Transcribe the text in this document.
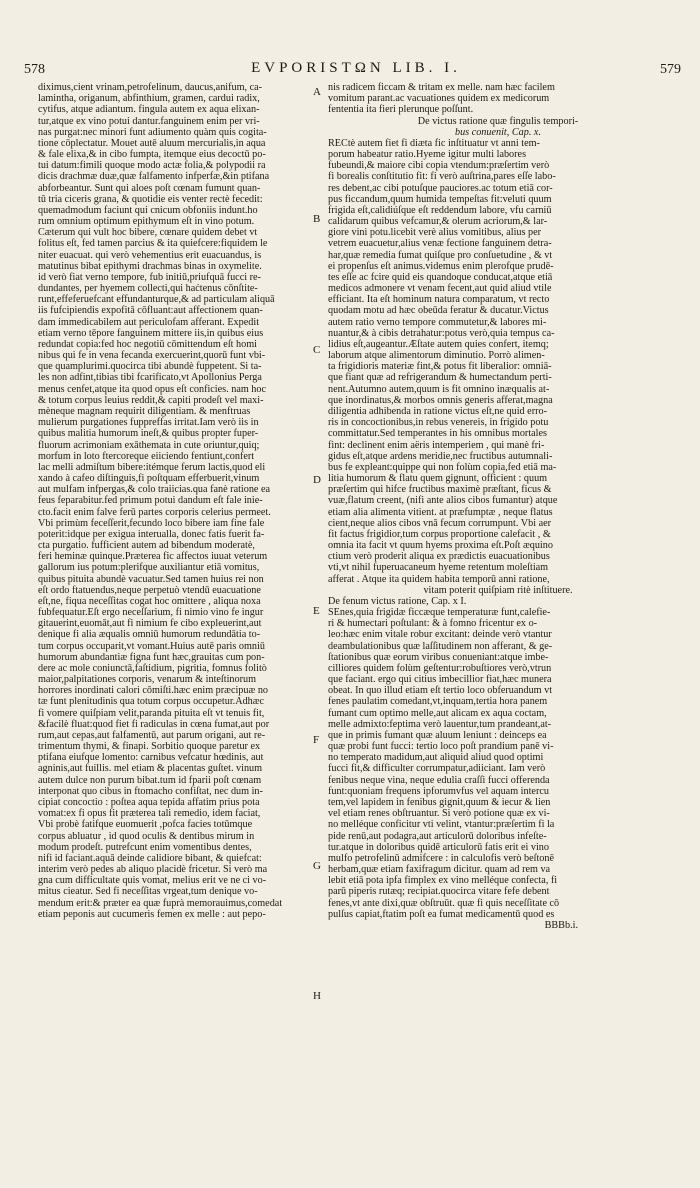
578	EVPORISTΩN LIB. I.	579
diximus,cient vrinam,petrofelinum, daucus,anifum, ca-
lamintha, origanum, abfinthium, gramen, cardui radix,
cytifus, atque adiantum. fingula autem ex aqua elixan-
tur,atque ex vino potui dantur.fanguinem enim per vri-
nas purgat:nec minori funt adiumento quàm quis cogita-
tione cōplectatur. Mouet autē aluum mercurialis,in aqua
& fale elixa,& in cibo fumpta, itemque eius decoctū po-
tui datum:fimili quoque modo actæ folia,& polypodii ra
dicis drachmæ duæ,quæ falfamento infperfæ,&in ptifana
abforbeantur. Sunt qui aloes poſt cœnam fumunt quan-
tū tria ciceris grana, & quotidie eis venter rectè fecedit:
quemadmodum faciunt qui cnicum obfoniis indunt.ho
rum omnium optimum epithymum eſt in vino potum.
Cæterum qui vult hoc bibere, cœnare quidem debet vt
folitus eſt, fed tamen parcius & ita quiefcere:fiquidem le
niter euacuat. qui verò vehementius erit euacuandus, is
matutinus bibat epithymi drachmas binas in oxymelite.
id verò fiat verno tempore, fub initiū,priufquā fucci re-
dundantes, per hyemem collecti,qui haćtenus cōnſtite-
runt,effeferuefcant effundanturque,& ad particulam aliquā
iis fufcipiendis expofitā cōfluant:aut affectionem quan-
dam immedicabilem aut periculofam afferant. Expedit
etiam verno tēpore fanguinem mittere iis,in quibus eius
redundat copia:fed hoc negotiū cōmittendum eſt homi
nibus qui fe in vena fecanda exercuerint,quorū funt vbi-
que quamplurimi.quocirca tibi abundè fuppetent. Si ta-
les non adfint,tibias tibi fcarificato,vt Apollonius Perga
menus cenfet,atque ita quod opus eſt conficies. nam hoc
& totum corpus leuius reddit,& capiti prodeſt vel maxi-
mèneque magnam requirit diligentiam. & menftruas
mulierum purgationes fuppreffas irritat.Iam verò iis in
quibus malitia humorum ineſt,& quibus propter fuper-
fluorum acrimoniam exāthemata in cute oriuntur,quiq;
morfum in loto ftercoreque eiiciendo fentiunt,confert
lac melli admiſtum bibere:itémque ferum lactis,quod eli
xando à cafeo diſtinguis,fi poſtquam efferbuerit,vinum
aut mulfam infpergas,& colo traiicias.qua fanè ratione ea
feus feparabitur.fed primum potui dandum eſt fale inie-
cto.facit enim falve ferū partes corporis celerius permeet.
Vbi primùm feceſſerit,fecundo loco bibere iam fine fale
poterit:idque per exigua interualla, donec fatis fuerit fa-
cta purgatio. fufficient autem ad bibendum moderatè,
feri heminæ quinque.Præterea fic affectos iuuat veterum
gallorum ius potum:plerifque auxiliantur etiā vomitus,
quibus pituita abundè vacuatur.Sed tamen huius rei non
eſt ordo ftatuendus,neque perpetuò vtendū euacuatione
eſt,ne, fiqua neceſſitas cogat hoc omittere , aliqua noxa
fubfequatur.Eſt ergo neceſſarium, fi nimio vino fe ingur
gitauerint,euomāt,aut fi nimium fe cibo expleuerint,aut
denique fi alia æqualis omniū humorum redundātia to-
tum corpus occuparit,vt vomant.Huius autē paris omniū
humorum abundantiæ figna funt hæc,grauitas cum pon-
dere ac mole coniunctā,faſtidium, pigritia, fomnus folitò
maior,palpitationes corporis, venarum & inteſtinorum
horrores inordinati calori cōmiſti.hæc enim præcipuæ no
tæ funt plenitudinis qua totum corpus occupetur.Adhæc
fi vomere quiſpiam velit,paranda pituita eſt vt tenuis fit,
&facilè fluat:quod fiet fi radiculas in cœna fumat,aut por
rum,aut cepas,aut falfamentū, aut parum origani, aut re-
trimentum thymi, & finapi. Sorbitio quoque paretur ex
ptifana eiufque lomento: carnibus vefcatur hœdinis, aut
agninis,aut fuillis. mel etiam & placentas guſtet. vinum
autem dulce non purum bibat.tum id fparii poſt cœnam
interponat quo cibus in ftomacho confiſtat, nec dum in-
cipiat concoctio : poſtea aqua tepida affatim prius pota
vomat:ex fi opus fit præterea tali remedio, idem faciat,
Vbi probè fatifque euomuerit ,pofca facies totūmque
corpus abluatur , id quod oculis & dentibus mirum in
modum prodeſt. putrefcunt enim vomentibus dentes,
nifi id faciant.aquā deinde calidiore bibant, & quiefcat:
interim verò pedes ab aliquo placidè fricetur. Si verò ma
gna cum difficultate quis vomat, melius erit ve ne ci vo-
mitus cieatur. Sed fi neceſſitas vrgeat,tum denique vo-
mendum erit:& præter ea quæ fuprà memorauimus,comedat
etiam peponis aut cucumeris femen ex melle : aut pepo-
nis radicem ficcam & tritam ex melle. nam hæc facilem
vomitum parant.ac vacuationes quidem ex medicorum
fententia ita fieri plerunque poſſunt.
De victus ratione quæ fingulis tempori-
bus conuenit, Cap. x.
RECtè autem fiet fi diæta fic inſtituatur vt anni tem-
porum habeatur ratio.Hyeme igitur multi labores
fubeundi,& maiore cibi copia vtendum:præſertim verò
fi borealis conſtitutio fit: fi verò auſtrina,pares eſſe labo-
res debent,ac cibi potuſque pauciores.ac totum etiā cor-
pus ficcandum,quum humida tempeſtas fit:veluti quum
frigida eſt,calidiúſque eſt reddendum labore, vfu carniū
calidarum quibus vefcamur,& olerum acriorum,& lar-
giore vini potu.licebit verè alius vomitibus, alius per
vetrem euacuetur,alius venæ fectione fanguinem detra-
har,quæ remedia fumat quiſque pro conſuetudine , & vt
ei propenſus eſt animus.videmus enim plerofque prudē-
tes eſſe ac fcire quid eis quandoque conducat,atque etiā
medicos admonere vt venam fecent,aut quid aliud vtile
efficiant. Ita eſt hominum natura comparatum, vt recto
quodam motu ad hæc obeūda feratur & ducatur.Victus
autem ratio verno tempore commutetur,& labores mi-
nuantur,& à cibis detrahatur:potus verò,quia tempus ca-
lidius eſt,augeantur.Æſtate autem quies confert, itemq;
laborum atque alimentorum diminutio. Porrò alimen-
ta frigidioris materiæ fint,& potus fit liberalior: omniā-
que fiant quæ ad refrigerandum & humectandum perti-
nent.Autumno autem,quum is fit omnino inæqualis at-
que inordinatus,& morbos omnis generis afferat,magna
diligentia adhibenda in ratione victus eſt,ne quid erro-
ris in concoctionibus,in rebus venereis, in frigido potu
committatur.Sed temperantes in his omnibus mortales
fint: declinent enim aëris intemperiem , qui manè fri-
gidus eſt,atque ardens meridie,nec fructibus autumnali-
bus fe expleant:quippe qui non folùm copia,fed etiā ma-
litia humorum & flatu quem gignunt, officient : quum
præſertim qui hifce fructibus maximè præſtant, ficus &
vuæ,flatum creent, (nifi ante alios cibos fumantur) atque
etiam alia alimenta vitient. at præfumptæ , neque flatus
cient,neque alios cibos vnā fecum corrumpunt. Vbi aer
fit factus frigidior,tum corpus proportione calefacit , &
omnia ita facit vt quum hyems proxima eſt.Poſt æquino
ctium verò proderit aliqua ex prædictis euacuationibus
vti,vt nihil fuperuacaneum hyeme retentum moleſtiam
afferat . Atque ita quidem habita temporū anni ratione,
vitam poterit quiſpiam ritè inſtituere.
De fenum victus ratione, Cap. x I.
SEnes,quia frigidæ ficcæque temperaturæ funt,calefie-
ri & humectari poſtulant: & à fomno fricentur ex o-
leo:hæc enim vitale robur excitant: deinde verò vtantur
deambulationibus quæ laſſitudinem non afferant, & ge-
ſtationibus quæ eorum viribus conueniant:atque imbe-
cilliores quidem folùm geſtentur:robuſtiores verò,vtrun
que faciant. ergo qui citius imbecillior fiat,hæc munera
obeat. In quo illud etiam eſt tertio loco obferuandum vt
fenes paulatim comedant,vt,inquam,tertia hora panem
fumant cum optimo melle,aut alicam ex aqua coctam,
melle admixto:feptima verò lauentur,tum prandeant,at-
que in primis fumant quæ aluum leniunt : deinceps ea
quæ probi funt fucci: tertio loco poſt prandium panē vi-
no temperato madidum,aut aliquid aliud quod optimi
fucci fit,& difficulter corrumpatur,adiiciant. Iam verò
fenibus neque vina, neque edulia craſſi fucci offerenda
funt:quoniam frequens ipforumvfus vel aquam intercu
tem,vel lapidem in fenibus gignit,quum & iecur & lien
vel etiam renes obſtruantur. Si verò potione quæ ex vi-
no melléque conficitur vti velint, vtantur:præſertim fi la
pide renū,aut podagra,aut articulorū doloribus infeſte-
tur.atque in doloribus quidē articulorū fatis erit ei vino
mulfo petrofelinū admifcere : in calculofis verò beſtonē
herbam,quæ etiam faxifragum dicitur. quam ad rem va
lebit etiā pota ipfa fimplex ex vino melléque confecta, fi
parū piperis rutæq; recipiat.quocirca vitare fefe debent
fenes,vt ante dixi,quæ obſtruūt. quæ fi quis neceſſitate cō
pulſus capiat,ftatim poſt ea fumat medicamentū quod es
BBBb.i.
A
B
C
D
E
F
G
H
